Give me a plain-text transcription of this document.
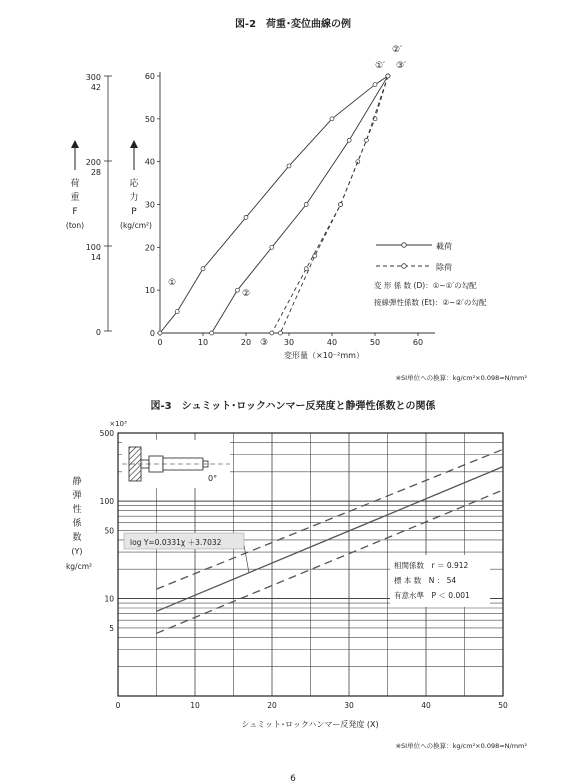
図-2　荷重･変位曲線の例
300
42
200
28
100
14
0
荷
重
F
(ton)
応
力
P
(kg/cm²)
0
10
20
30
40
50
60
0	10	20	30	40	50	60
①
①′
②′
③′
②
③
載荷
除荷
変 形 係 数 (D)：①~①′の勾配
接線弾性係数 (Et)：②~②′の勾配
変形量（×10⁻²mm）
※SI単位への換算：kg/cm²×0.098=N/mm²
図-3　シュミット･ロックハンマー反発度と静弾性係数との関係
×10³
500
100
50
10
5
0	10	20	30	40	50
静
弾
性
係
数
(Y)
kg/cm²
0°
log Y=0.0331χ ＋3.7032
相関係数　r ＝ 0.912
標 本 数　N ： 54
有意水準　P ＜ 0.001
シュミット･ロックハンマー反発度 (X)
※SI単位への換算：kg/cm²×0.098=N/mm²
6
